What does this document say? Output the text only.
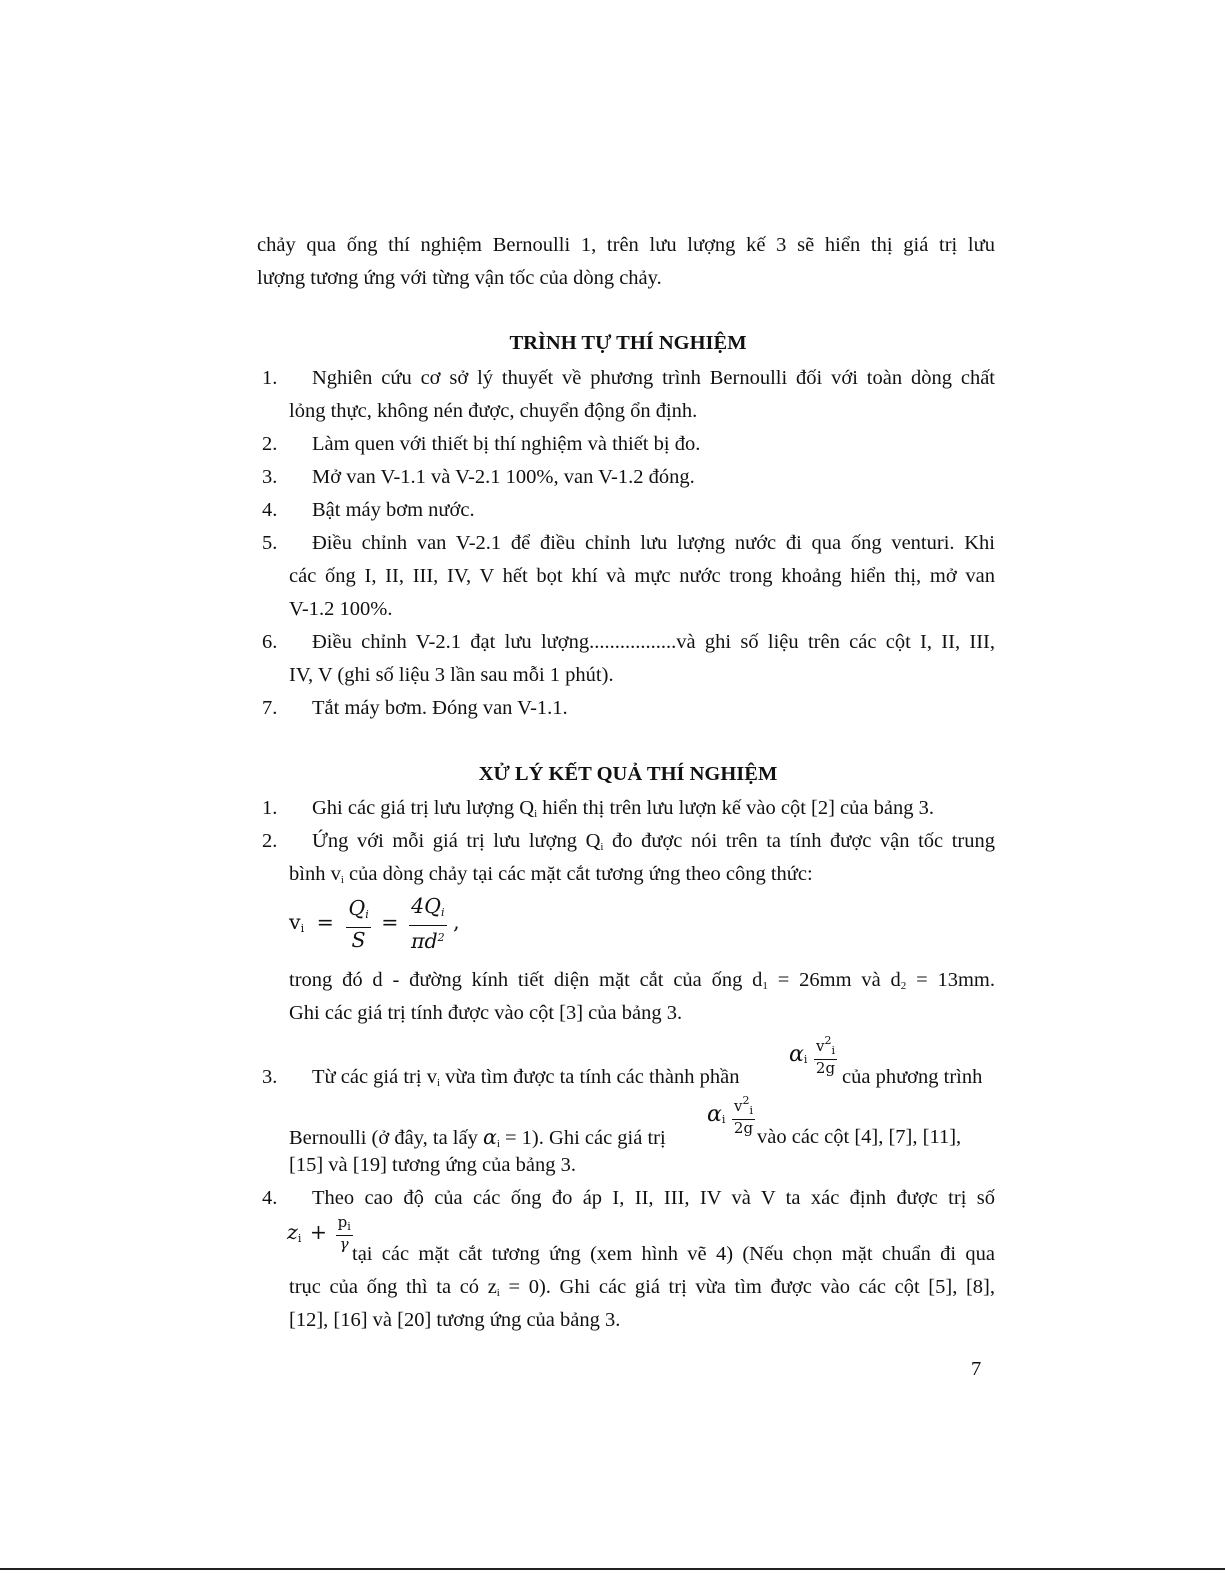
chảy qua ống thí nghiệm Bernoulli 1, trên lưu lượng kế 3 sẽ hiển thị giá trị lưu
lượng tương ứng với từng vận tốc của dòng chảy.
TRÌNH TỰ THÍ NGHIỆM
1.	Nghiên cứu cơ sở lý thuyết về phương trình Bernoulli đối với toàn dòng chất
lỏng thực, không nén được, chuyển động ổn định.
2.	Làm quen với thiết bị thí nghiệm và thiết bị đo.
3.	Mở van V-1.1 và V-2.1 100%, van V-1.2 đóng.
4.	Bật máy bơm nước.
5.	Điều chỉnh van V-2.1 để điều chỉnh lưu lượng nước đi qua ống venturi. Khi
các ống I, II, III, IV, V hết bọt khí và mực nước trong khoảng hiển thị, mở van
V-1.2 100%.
6.	Điều chỉnh V-2.1 đạt lưu lượng.................và ghi số liệu trên các cột I, II, III,
IV, V (ghi số liệu 3 lần sau mỗi 1 phút).
7.	Tắt máy bơm. Đóng van V-1.1.
XỬ LÝ KẾT QUẢ THÍ NGHIỆM
1.	Ghi các giá trị lưu lượng $Q_i$ hiển thị trên lưu lượn kế vào cột [2] của bảng 3.
2.	Ứng với mỗi giá trị lưu lượng $Q_i$ đo được nói trên ta tính được vận tốc trung
bình $v_i$ của dòng chảy tại các mặt cắt tương ứng theo công thức:
$v_i = \frac{Q_i}{S} = \frac{4Q_i}{\pi d^2}$ ,
trong đó d - đường kính tiết diện mặt cắt của ống $d_1 = 26mm$ và $d_2 = 13mm$.
Ghi các giá trị tính được vào cột [3] của bảng 3.
3.	Từ các giá trị $v_i$ vừa tìm được ta tính các thành phần
$\alpha_i \frac{v^2_i}{2g}$ của phương trình
Bernoulli (ở đây, ta lấy $\alpha_i = 1$). Ghi các giá trị
$\alpha_i \frac{v^2_i}{2g}$ vào các cột [4], [7], [11],
[15] và [19] tương ứng của bảng 3.
4.	Theo cao độ của các ống đo áp I, II, III, IV và V ta xác định được trị số
$z_i + \frac{p_i}{\gamma}$
tại các mặt cắt tương ứng (xem hình vẽ 4) (Nếu chọn mặt chuẩn đi qua
trục của ống thì ta có $z_i = 0$). Ghi các giá trị vừa tìm được vào các cột [5], [8],
[12], [16] và [20] tương ứng của bảng 3.
7
